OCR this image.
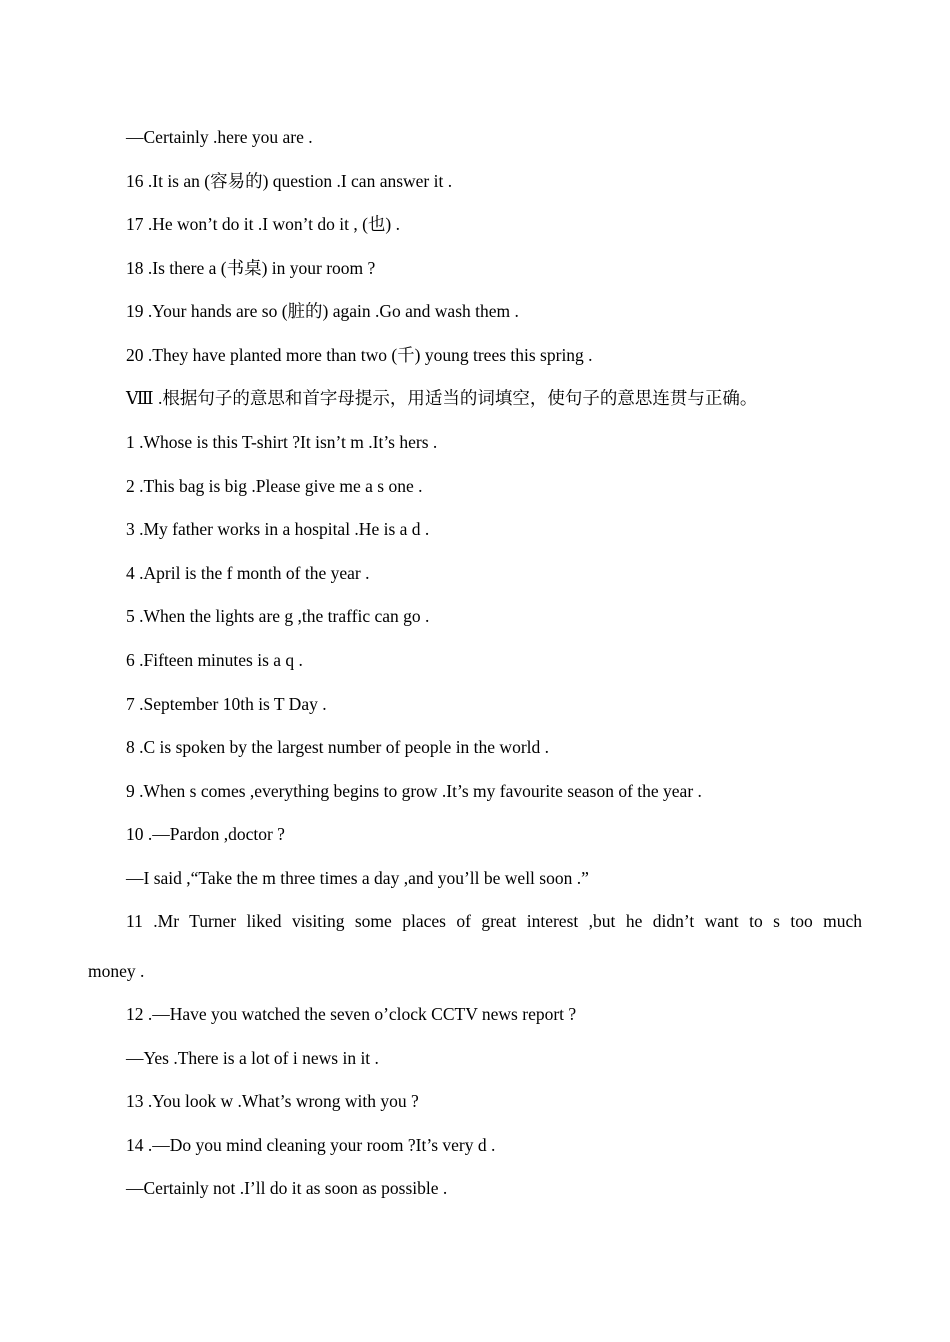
—Certainly .here you are .
16 .It is an (容易的) question .I can answer it .
17 .He won’t do it .I won’t do it , (也) .
18 .Is there a (书桌) in your room ?
19 .Your hands are so (脏的) again .Go and wash them .
20 .They have planted more than two (千) young trees this spring .
Ⅷ .根据句子的意思和首字母提示，用适当的词填空，使句子的意思连贯与正确。
1 .Whose is this T-shirt ?It isn’t m .It’s hers .
2 .This bag is big .Please give me a s one .
3 .My father works in a hospital .He is a d .
4 .April is the f month of the year .
5 .When the lights are g ,the traffic can go .
6 .Fifteen minutes is a q .
7 .September 10th is T Day .
8 .C is spoken by the largest number of people in the world .
9 .When s comes ,everything begins to grow .It’s my favourite season of the year .
10 .—Pardon ,doctor ?
—I said ,“Take the m three times a day ,and you’ll be well soon .”
11 .Mr Turner liked visiting some places of great interest ,but he didn’t want to s too much
money .
12 .—Have you watched the seven o’clock CCTV news report ?
—Yes .There is a lot of i news in it .
13 .You look w .What’s wrong with you ?
14 .—Do you mind cleaning your room ?It’s very d .
—Certainly not .I’ll do it as soon as possible .
